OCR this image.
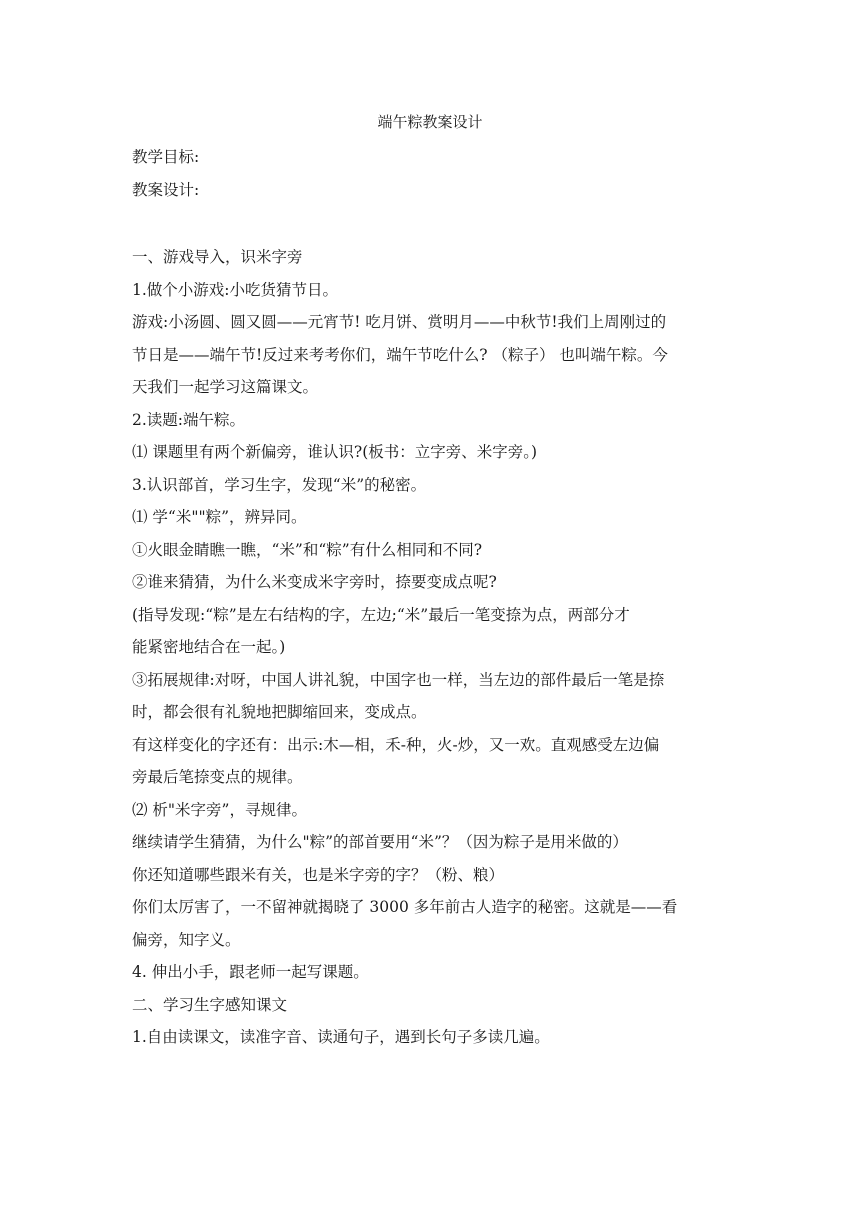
端午粽教案设计
教学目标:
教案设计:
一、游戏导入，识米字旁
1.做个小游戏:小吃货猜节日。
游戏:小汤圆、圆又圆——元宵节! 吃月饼、赏明月——中秋节!我们上周刚过的
节日是——端午节!反过来考考你们，端午节吃什么? （粽子） 也叫端午粽。今
天我们一起学习这篇课文。
2.读题:端午粽。
⑴ 课题里有两个新偏旁，谁认识?(板书：立字旁、米字旁。)
3.认识部首，学习生字，发现“米”的秘密。
⑴ 学“米""粽”，辨异同。
①火眼金睛瞧一瞧，“米”和“粽”有什么相同和不同?
②谁来猜猜，为什么米变成米字旁时，捺要变成点呢?
(指导发现:“粽”是左右结构的字，左边;“米”最后一笔变捺为点，两部分才
能紧密地结合在一起。)
③拓展规律:对呀，中国人讲礼貌，中国字也一样，当左边的部件最后一笔是捺
时，都会很有礼貌地把脚缩回来，变成点。
有这样变化的字还有：出示:木—相，禾-种，火-炒，又一欢。直观感受左边偏
旁最后笔捺变点的规律。
⑵ 析"米字旁”，寻规律。
继续请学生猜猜，为什么"粽”的部首要用“米”？（因为粽子是用米做的）
你还知道哪些跟米有关，也是米字旁的字？（粉、粮）
你们太厉害了，一不留神就揭晓了 3000 多年前古人造字的秘密。这就是——看
偏旁，知字义。
4. 伸出小手，跟老师一起写课题。
二、学习生字感知课文
1.自由读课文，读准字音、读通句子，遇到长句子多读几遍。
